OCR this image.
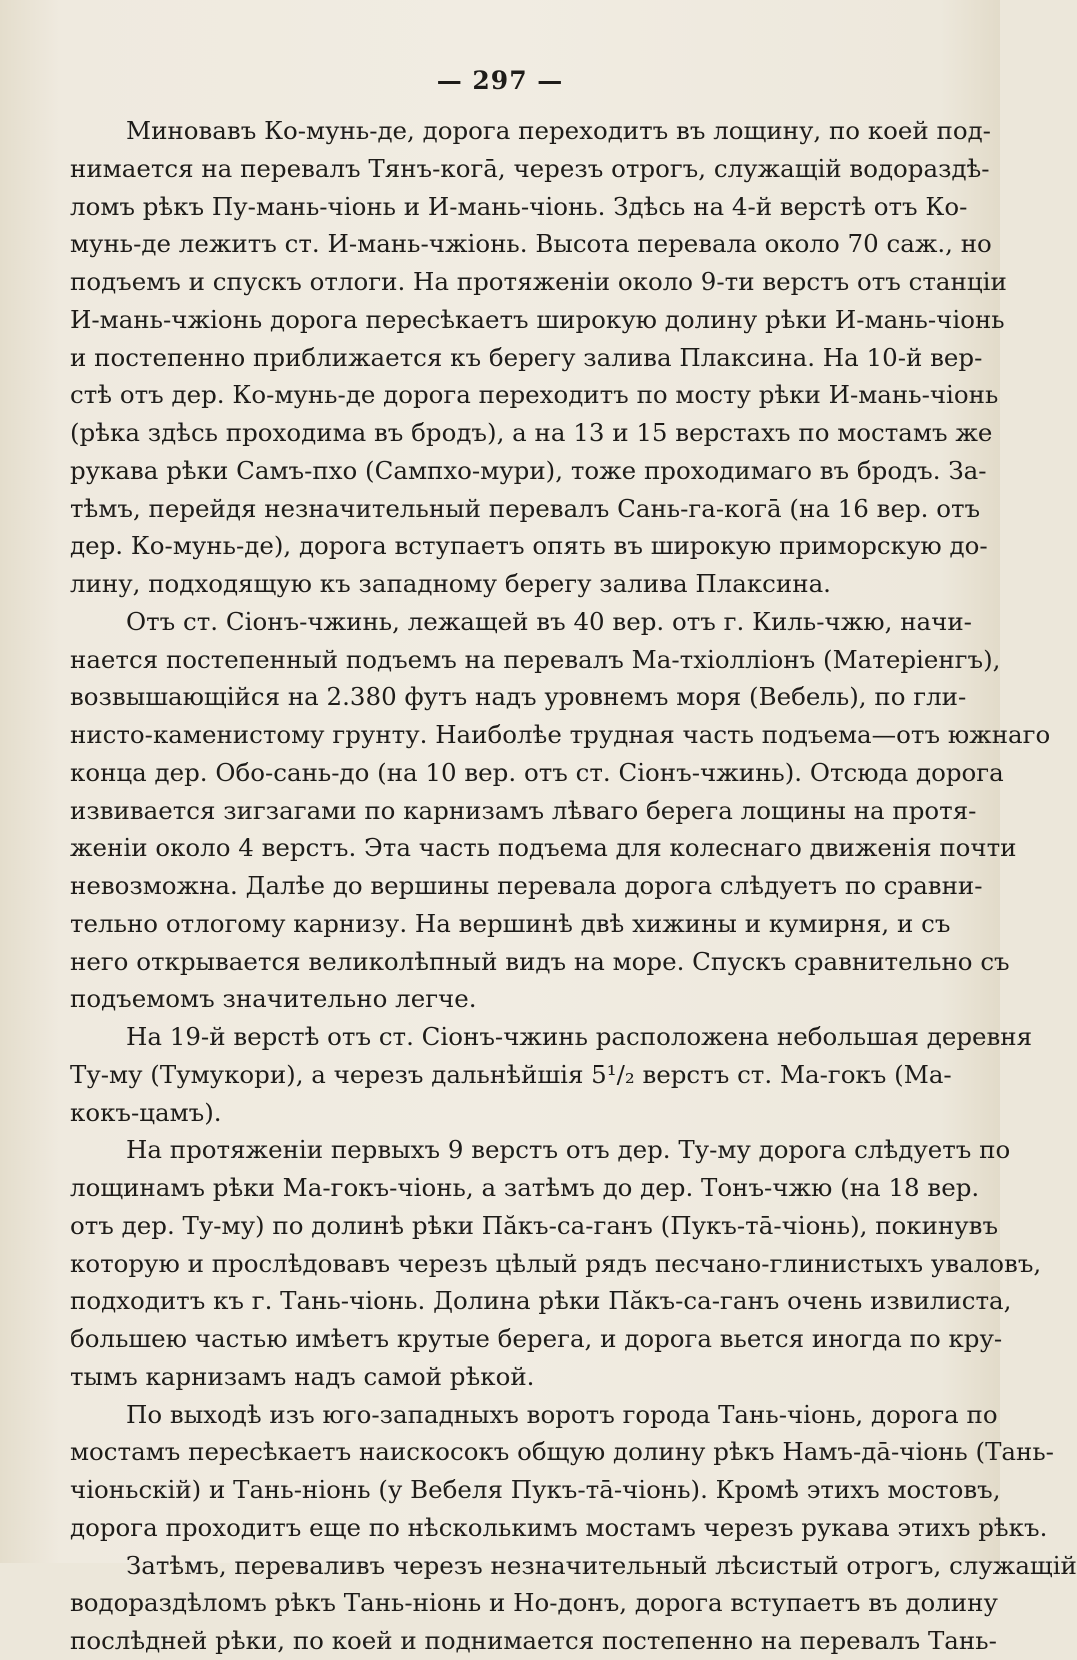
— 297 —
Миновавъ Ко-мунь-де, дорога переходитъ въ лощину, по коей под-
нимается на перевалъ Тянъ-когā, черезъ отрогъ, служащій водораздѣ-
ломъ рѣкъ Пу-мань-чіонь и И-мань-чіонь. Здѣсь на 4-й верстѣ отъ Ко-
мунь-де лежитъ ст. И-мань-чжіонь. Высота перевала около 70 саж., но
подъемъ и спускъ отлоги. На протяженіи около 9-ти верстъ отъ станціи
И-мань-чжіонь дорога пересѣкаетъ широкую долину рѣки И-мань-чіонь
и постепенно приближается къ берегу залива Плаксина. На 10-й вер-
стѣ отъ дер. Ко-мунь-де дорога переходитъ по мосту рѣки И-мань-чіонь
(рѣка здѣсь проходима въ бродъ), а на 13 и 15 верстахъ по мостамъ же
рукава рѣки Самъ-пхо (Сампхо-мури), тоже проходимаго въ бродъ. За-
тѣмъ, перейдя незначительный перевалъ Сань-га-когā (на 16 вер. отъ
дер. Ко-мунь-де), дорога вступаетъ опять въ широкую приморскую до-
лину, подходящую къ западному берегу залива Плаксина.
Отъ ст. Сіонъ-чжинь, лежащей въ 40 вер. отъ г. Киль-чжю, начи-
нается постепенный подъемъ на перевалъ Ма-тхіолліонъ (Матеріенгъ),
возвышающійся на 2.380 футъ надъ уровнемъ моря (Вебель), по гли-
нисто-каменистому грунту. Наиболѣе трудная часть подъема—отъ южнаго
конца дер. Обо-сань-до (на 10 вер. отъ ст. Сіонъ-чжинь). Отсюда дорога
извивается зигзагами по карнизамъ лѣваго берега лощины на протя-
женіи около 4 верстъ. Эта часть подъема для колеснаго движенія почти
невозможна. Далѣе до вершины перевала дорога слѣдуетъ по сравни-
тельно отлогому карнизу. На вершинѣ двѣ хижины и кумирня, и съ
него открывается великолѣпный видъ на море. Спускъ сравнительно съ
подъемомъ значительно легче.
На 19-й верстѣ отъ ст. Сіонъ-чжинь расположена небольшая деревня
Ту-му (Тумукори), а черезъ дальнѣйшія 5¹/₂ верстъ ст. Ма-гокъ (Ма-
кокъ-цамъ).
На протяженіи первыхъ 9 верстъ отъ дер. Ту-му дорога слѣдуетъ по
лощинамъ рѣки Ма-гокъ-чіонь, а затѣмъ до дер. Тонъ-чжю (на 18 вер.
отъ дер. Ту-му) по долинѣ рѣки Пăкъ-са-ганъ (Пукъ-тā-чіонь), покинувъ
которую и прослѣдовавъ черезъ цѣлый рядъ песчано-глинистыхъ уваловъ,
подходитъ къ г. Тань-чіонь. Долина рѣки Пăкъ-са-ганъ очень извилиста,
большею частью имѣетъ крутые берега, и дорога вьется иногда по кру-
тымъ карнизамъ надъ самой рѣкой.
По выходѣ изъ юго-западныхъ воротъ города Тань-чіонь, дорога по
мостамъ пересѣкаетъ наискосокъ общую долину рѣкъ Намъ-дā-чіонь (Тань-
чіоньскій) и Тань-ніонь (у Вебеля Пукъ-тā-чіонь). Кромѣ этихъ мостовъ,
дорога проходитъ еще по нѣсколькимъ мостамъ черезъ рукава этихъ рѣкъ.
Затѣмъ, переваливъ черезъ незначительный лѣсистый отрогъ, служащій
водораздѣломъ рѣкъ Тань-ніонь и Но-донъ, дорога вступаетъ въ долину
послѣдней рѣки, по коей и поднимается постепенно на перевалъ Тань-
